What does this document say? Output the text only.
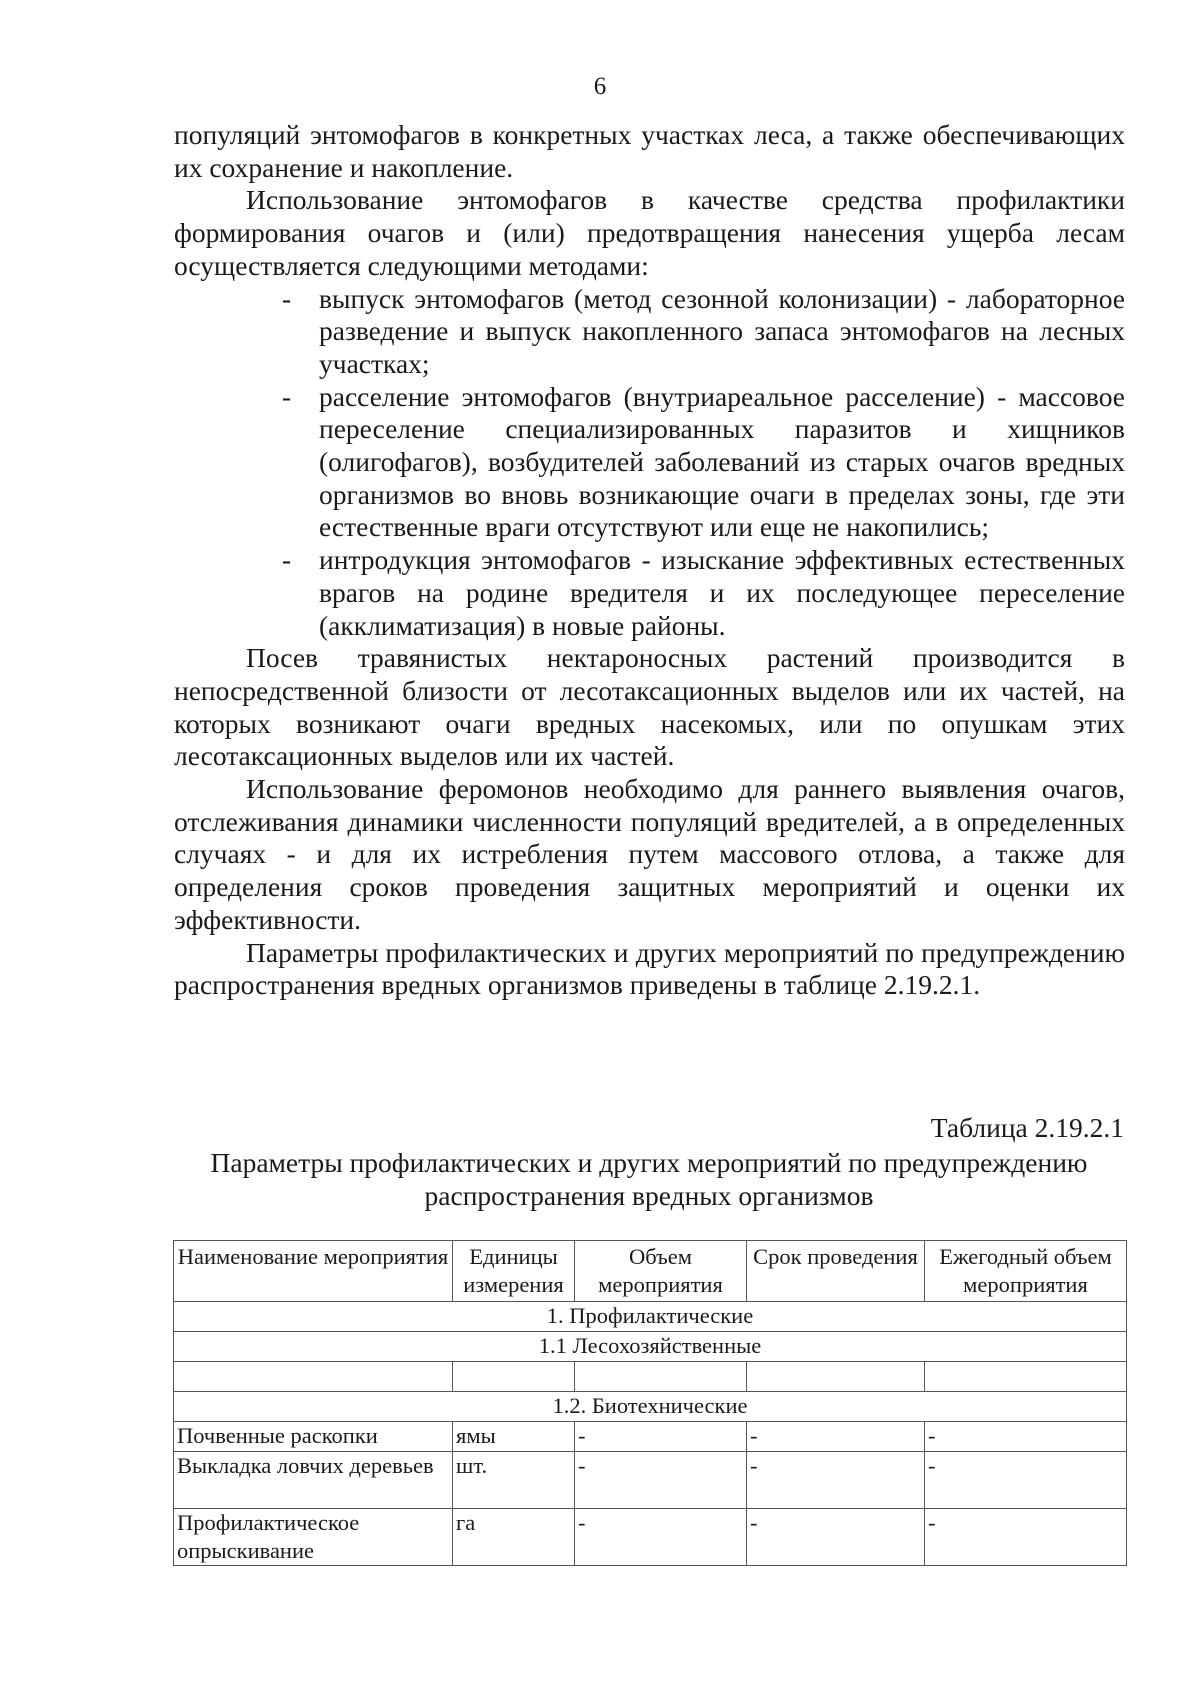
6

популяций энтомофагов в конкретных участках леса, а также обеспечивающих их сохранение и накопление.

Использование энтомофагов в качестве средства профилактики формирования очагов и (или) предотвращения нанесения ущерба лесам осуществляется следующими методами:

- выпуск энтомофагов (метод сезонной колонизации) - лабораторное разведение и выпуск накопленного запаса энтомофагов на лесных участках;
- расселение энтомофагов (внутриареальное расселение) - массовое переселение специализированных паразитов и хищников (олигофагов), возбудителей заболеваний из старых очагов вредных организмов во вновь возникающие очаги в пределах зоны, где эти естественные враги отсутствуют или еще не накопились;
- интродукция энтомофагов - изыскание эффективных естественных врагов на родине вредителя и их последующее переселение (акклиматизация) в новые районы.

Посев травянистых нектароносных растений производится в непосредственной близости от лесотаксационных выделов или их частей, на которых возникают очаги вредных насекомых, или по опушкам этих лесотаксационных выделов или их частей.

Использование феромонов необходимо для раннего выявления очагов, отслеживания динамики численности популяций вредителей, а в определенных случаях - и для их истребления путем массового отлова, а также для определения сроков проведения защитных мероприятий и оценки их эффективности.

Параметры профилактических и других мероприятий по предупреждению распространения вредных организмов приведены в таблице 2.19.2.1.

Таблица 2.19.2.1
Параметры профилактических и других мероприятий по предупреждению распространения вредных организмов
Наименование мероприятия	Единицы измерения	Объем мероприятия	Срок проведения	Ежегодный объем мероприятия
1. Профилактические				
1.1 Лесохозяйственные				

1.2. Биотехнические				
Почвенные раскопки	ямы	-	-	-
Выкладка ловчих деревьев	шт.	-	-	-
Профилактическое опрыскивание	га	-	-	-
